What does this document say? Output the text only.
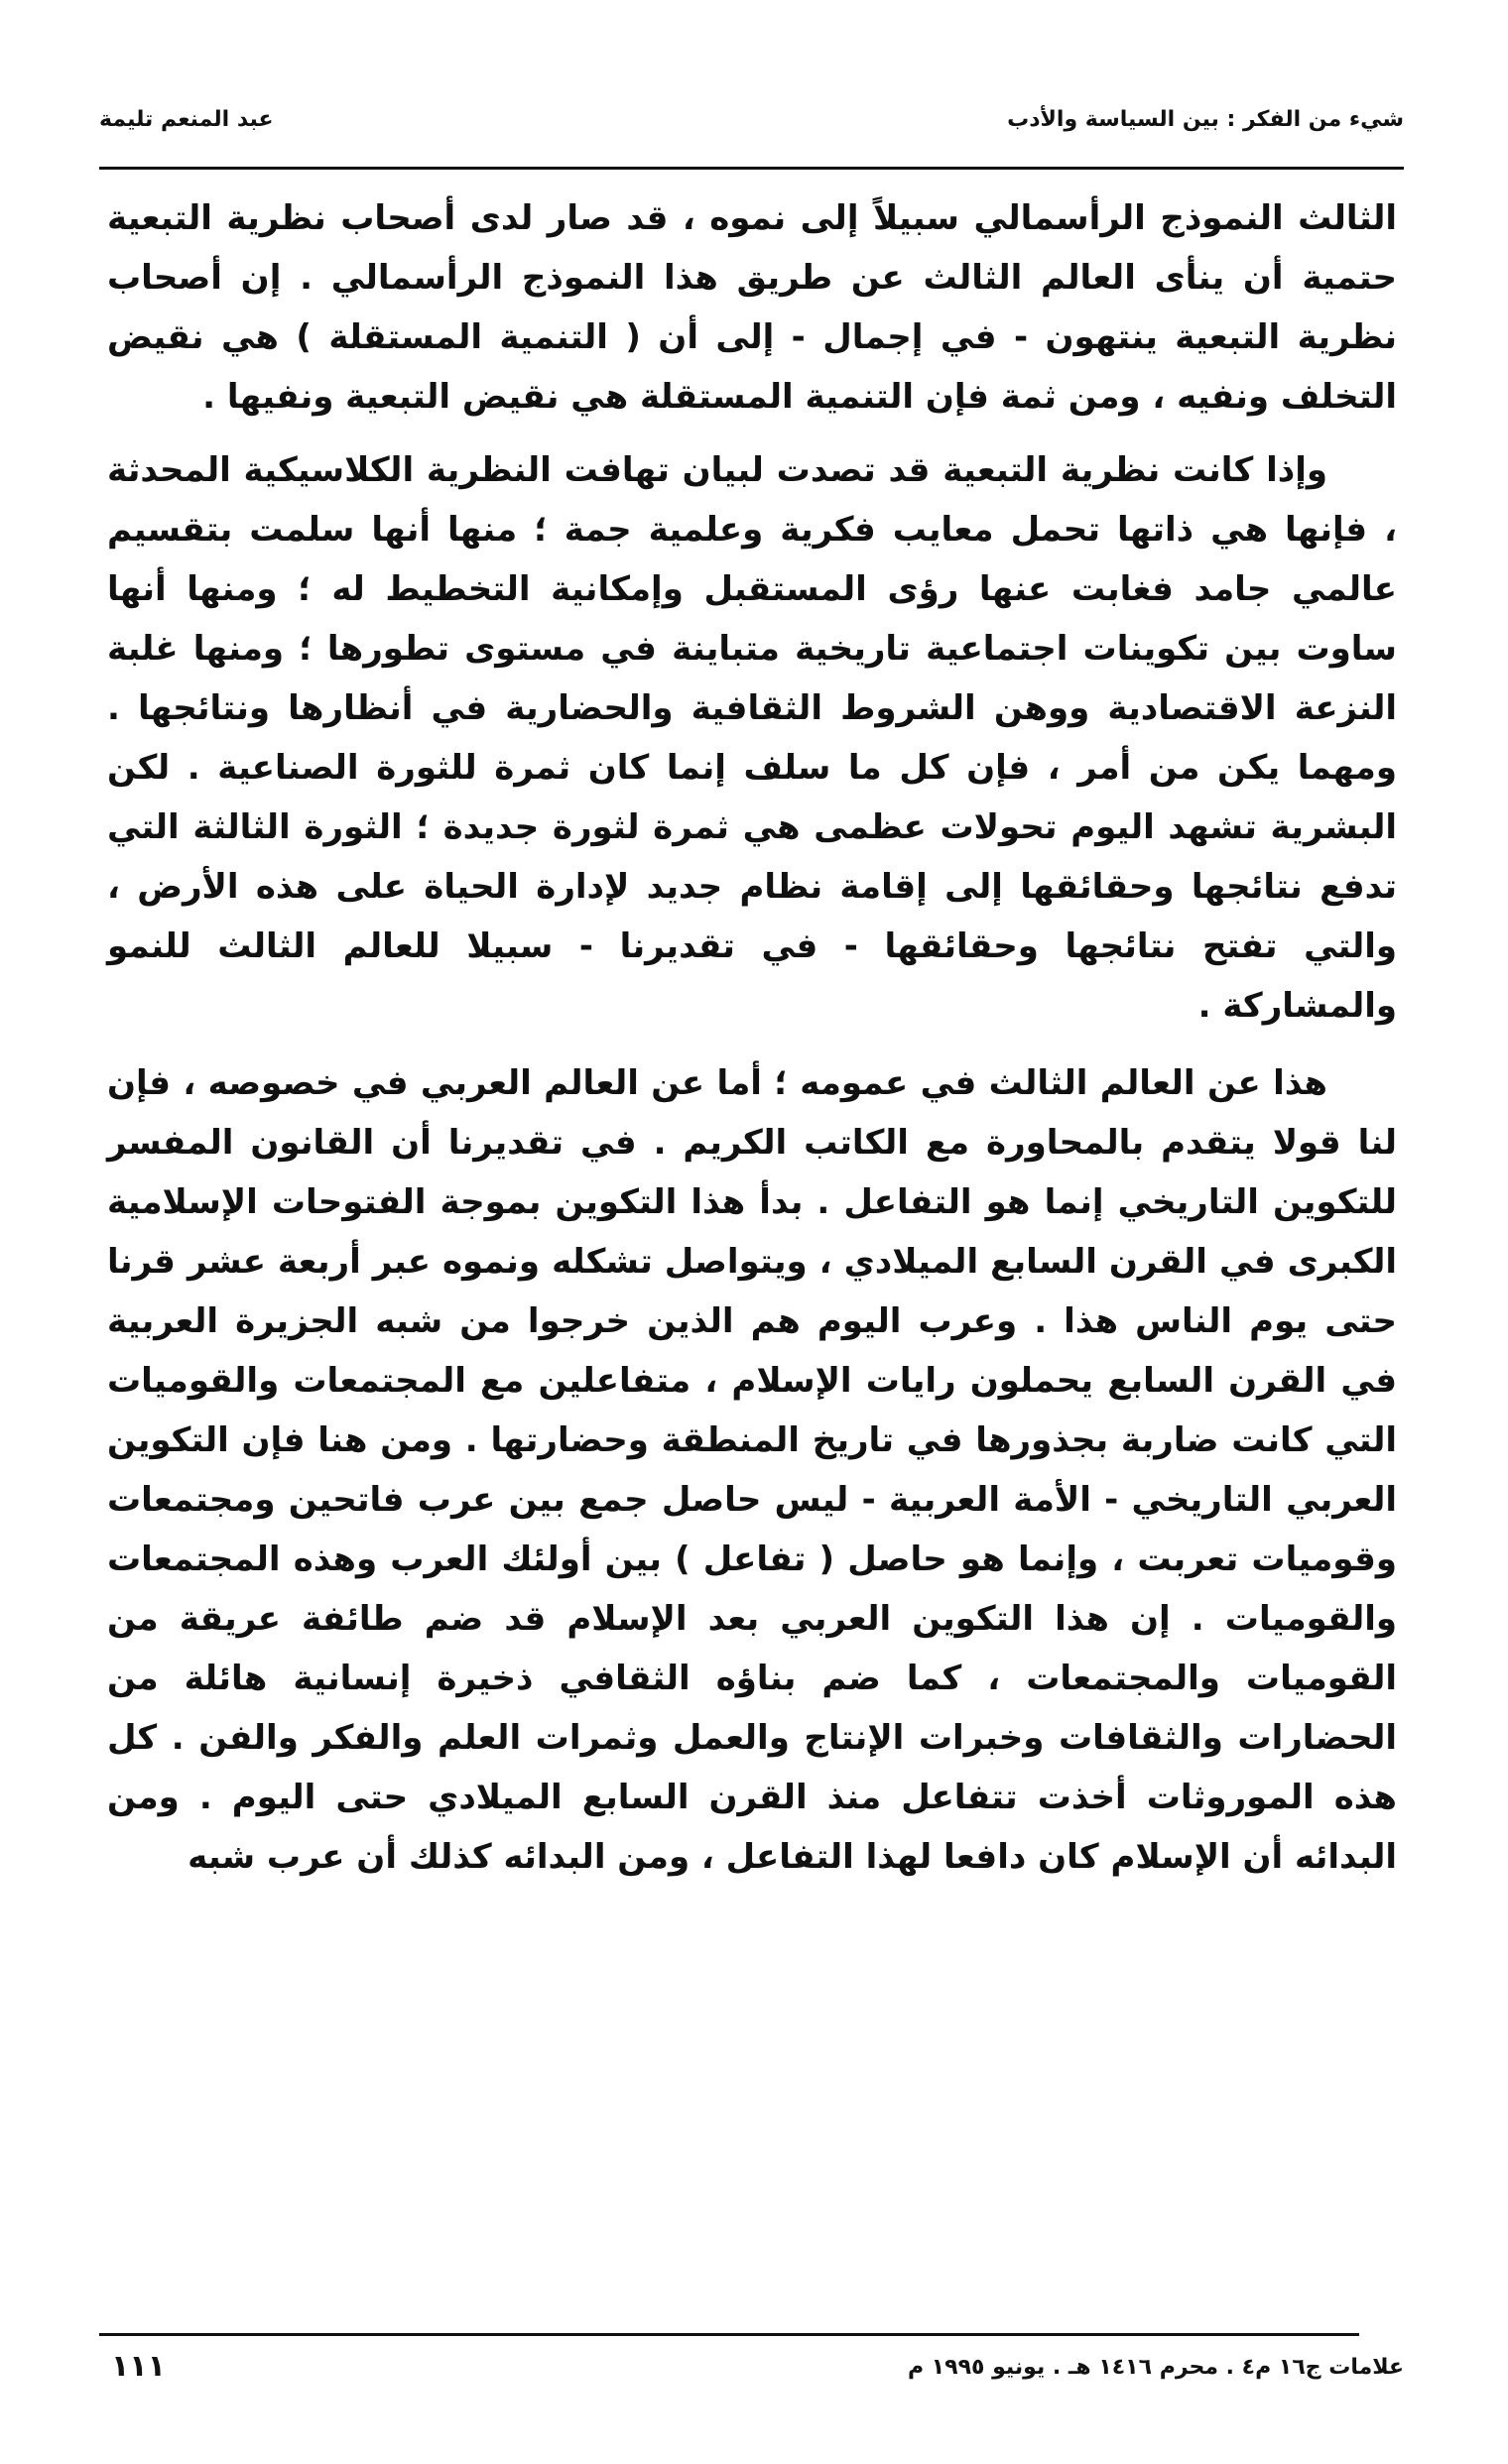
شيء من الفكر : بين السياسة والأدب
عبد المنعم تليمة

الثالث النموذج الرأسمالي سبيلاً إلى نموه ، قد صار لدى أصحاب نظرية التبعية حتمية أن ينأى العالم الثالث عن طريق هذا النموذج الرأسمالي . إن أصحاب نظرية التبعية ينتهون - في إجمال - إلى أن ( التنمية المستقلة ) هي نقيض التخلف ونفيه ، ومن ثمة فإن التنمية المستقلة هي نقيض التبعية ونفيها .

وإذا كانت نظرية التبعية قد تصدت لبيان تهافت النظرية الكلاسيكية المحدثة ، فإنها هي ذاتها تحمل معايب فكرية وعلمية جمة ؛ منها أنها سلمت بتقسيم عالمي جامد فغابت عنها رؤى المستقبل وإمكانية التخطيط له ؛ ومنها أنها ساوت بين تكوينات اجتماعية تاريخية متباينة في مستوى تطورها ؛ ومنها غلبة النزعة الاقتصادية ووهن الشروط الثقافية والحضارية في أنظارها ونتائجها . ومهما يكن من أمر ، فإن كل ما سلف إنما كان ثمرة للثورة الصناعية . لكن البشرية تشهد اليوم تحولات عظمى هي ثمرة لثورة جديدة ؛ الثورة الثالثة التي تدفع نتائجها وحقائقها إلى إقامة نظام جديد لإدارة الحياة على هذه الأرض ، والتي تفتح نتائجها وحقائقها - في تقديرنا - سبيلا للعالم الثالث للنمو والمشاركة .

هذا عن العالم الثالث في عمومه ؛ أما عن العالم العربي في خصوصه ، فإن لنا قولا يتقدم بالمحاورة مع الكاتب الكريم . في تقديرنا أن القانون المفسر للتكوين التاريخي إنما هو التفاعل . بدأ هذا التكوين بموجة الفتوحات الإسلامية الكبرى في القرن السابع الميلادي ، ويتواصل تشكله ونموه عبر أربعة عشر قرنا حتى يوم الناس هذا . وعرب اليوم هم الذين خرجوا من شبه الجزيرة العربية في القرن السابع يحملون رايات الإسلام ، متفاعلين مع المجتمعات والقوميات التي كانت ضاربة بجذورها في تاريخ المنطقة وحضارتها . ومن هنا فإن التكوين العربي التاريخي - الأمة العربية - ليس حاصل جمع بين عرب فاتحين ومجتمعات وقوميات تعربت ، وإنما هو حاصل ( تفاعل ) بين أولئك العرب وهذه المجتمعات والقوميات . إن هذا التكوين العربي بعد الإسلام قد ضم طائفة عريقة من القوميات والمجتمعات ، كما ضم بناؤه الثقافي ذخيرة إنسانية هائلة من الحضارات والثقافات وخبرات الإنتاج والعمل وثمرات العلم والفكر والفن . كل هذه الموروثات أخذت تتفاعل منذ القرن السابع الميلادي حتى اليوم . ومن البدائه أن الإسلام كان دافعا لهذا التفاعل ، ومن البدائه كذلك أن عرب شبه

علامات ج١٦ م٤ . محرم ١٤١٦ هـ . يونيو ١٩٩٥ م
١١١
